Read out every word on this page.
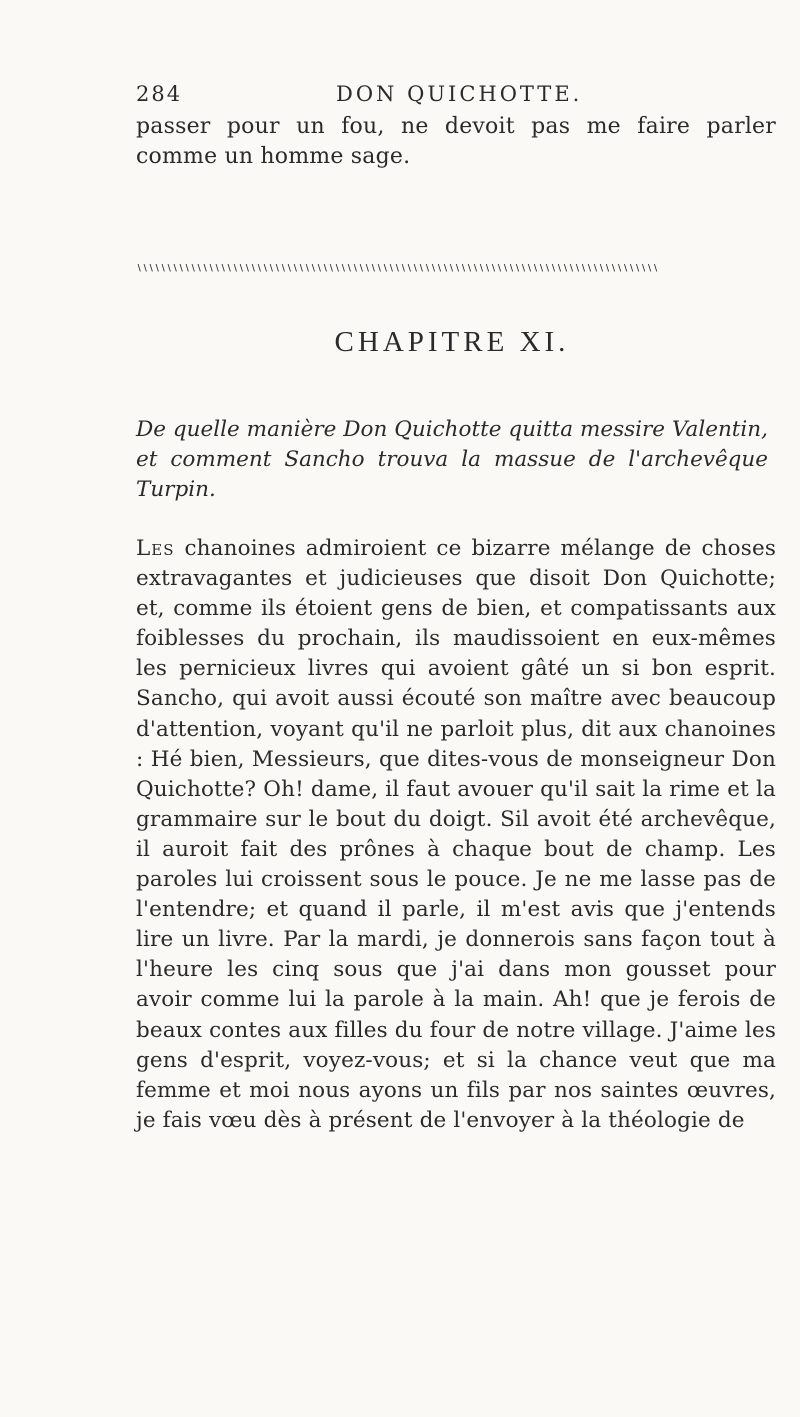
284	DON QUICHOTTE.
passer pour un fou, ne devoit pas me faire parler comme un homme sage.
∖∖∖∖∖∖∖∖∖∖∖∖∖∖∖∖∖∖∖∖∖∖∖∖∖∖∖∖∖∖∖∖∖∖∖∖∖∖∖∖∖∖∖∖∖∖∖∖∖∖∖∖∖∖∖∖∖∖∖∖∖∖∖∖∖∖∖∖∖∖∖∖∖∖∖∖∖∖∖∖∖∖∖∖∖∖∖
CHAPITRE XI.
De quelle manière Don Quichotte quitta messire Valentin, et comment Sancho trouva la massue de l'archevêque Turpin.
Les chanoines admiroient ce bizarre mélange de choses extravagantes et judicieuses que disoit Don Quichotte; et, comme ils étoient gens de bien, et compatissants aux foiblesses du prochain, ils maudissoient en eux-mêmes les pernicieux livres qui avoient gâté un si bon esprit. Sancho, qui avoit aussi écouté son maître avec beaucoup d'attention, voyant qu'il ne parloit plus, dit aux chanoines : Hé bien, Messieurs, que dites-vous de monseigneur Don Quichotte? Oh! dame, il faut avouer qu'il sait la rime et la grammaire sur le bout du doigt. Sil avoit été archevêque, il auroit fait des prônes à chaque bout de champ. Les paroles lui croissent sous le pouce. Je ne me lasse pas de l'entendre; et quand il parle, il m'est avis que j'entends lire un livre. Par la mardi, je donnerois sans façon tout à l'heure les cinq sous que j'ai dans mon gousset pour avoir comme lui la parole à la main. Ah! que je ferois de beaux contes aux filles du four de notre village. J'aime les gens d'esprit, voyez-vous; et si la chance veut que ma femme et moi nous ayons un fils par nos saintes œuvres, je fais vœu dès à présent de l'envoyer à la théologie de
